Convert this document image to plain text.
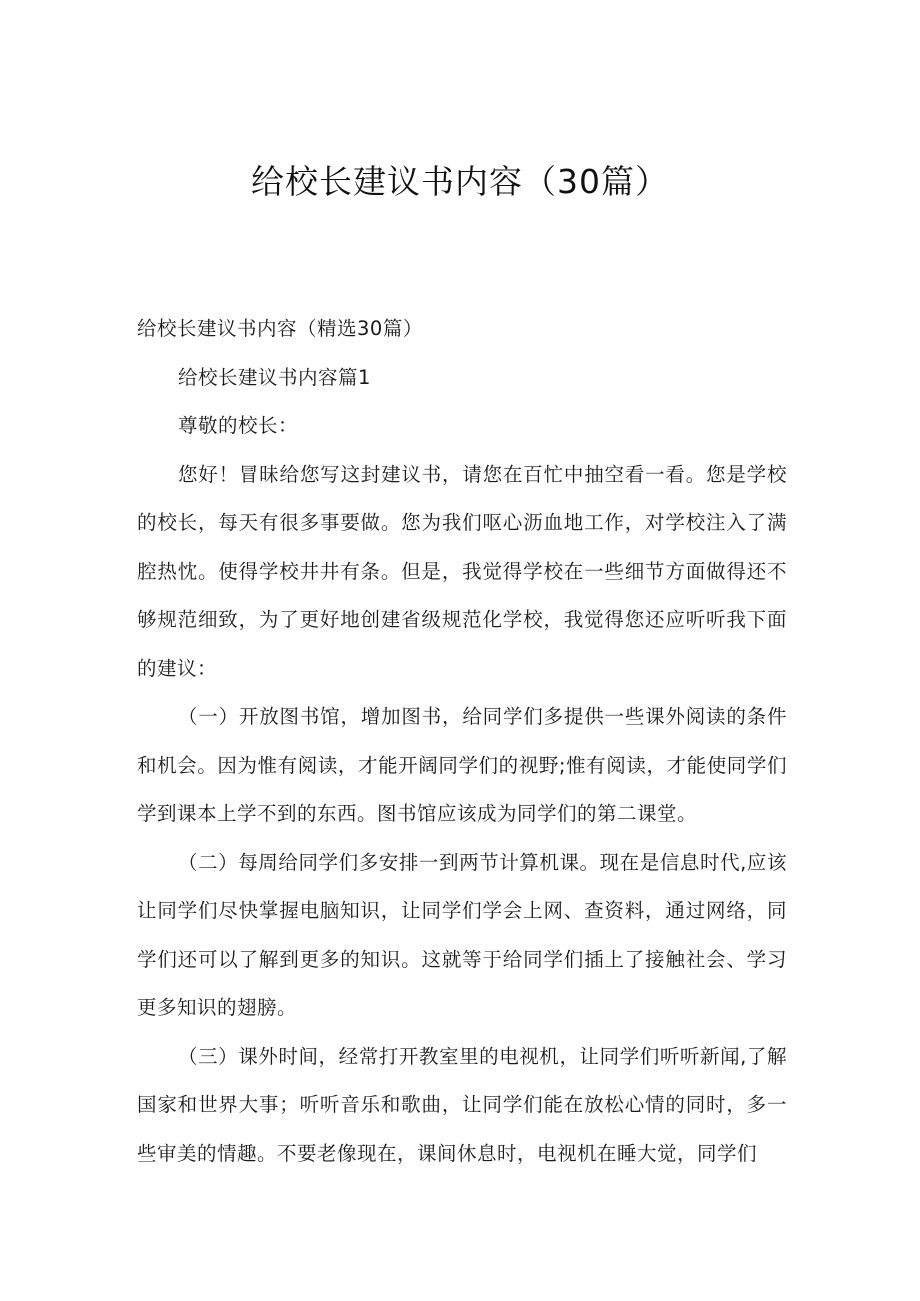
给校长建议书内容（30篇）

给校长建议书内容（精选30篇）

给校长建议书内容篇1

尊敬的校长：

您好！冒昧给您写这封建议书，请您在百忙中抽空看一看。您是学校的校长，每天有很多事要做。您为我们呕心沥血地工作，对学校注入了满腔热忱。使得学校井井有条。但是，我觉得学校在一些细节方面做得还不够规范细致，为了更好地创建省级规范化学校，我觉得您还应听听我下面的建议：

（一）开放图书馆，增加图书，给同学们多提供一些课外阅读的条件和机会。因为惟有阅读，才能开阔同学们的视野;惟有阅读，才能使同学们学到课本上学不到的东西。图书馆应该成为同学们的第二课堂。

（二）每周给同学们多安排一到两节计算机课。现在是信息时代,应该让同学们尽快掌握电脑知识，让同学们学会上网、查资料，通过网络，同学们还可以了解到更多的知识。这就等于给同学们插上了接触社会、学习更多知识的翅膀。

（三）课外时间，经常打开教室里的电视机，让同学们听听新闻,了解国家和世界大事；听听音乐和歌曲，让同学们能在放松心情的同时，多一些审美的情趣。不要老像现在，课间休息时，电视机在睡大觉，同学们
